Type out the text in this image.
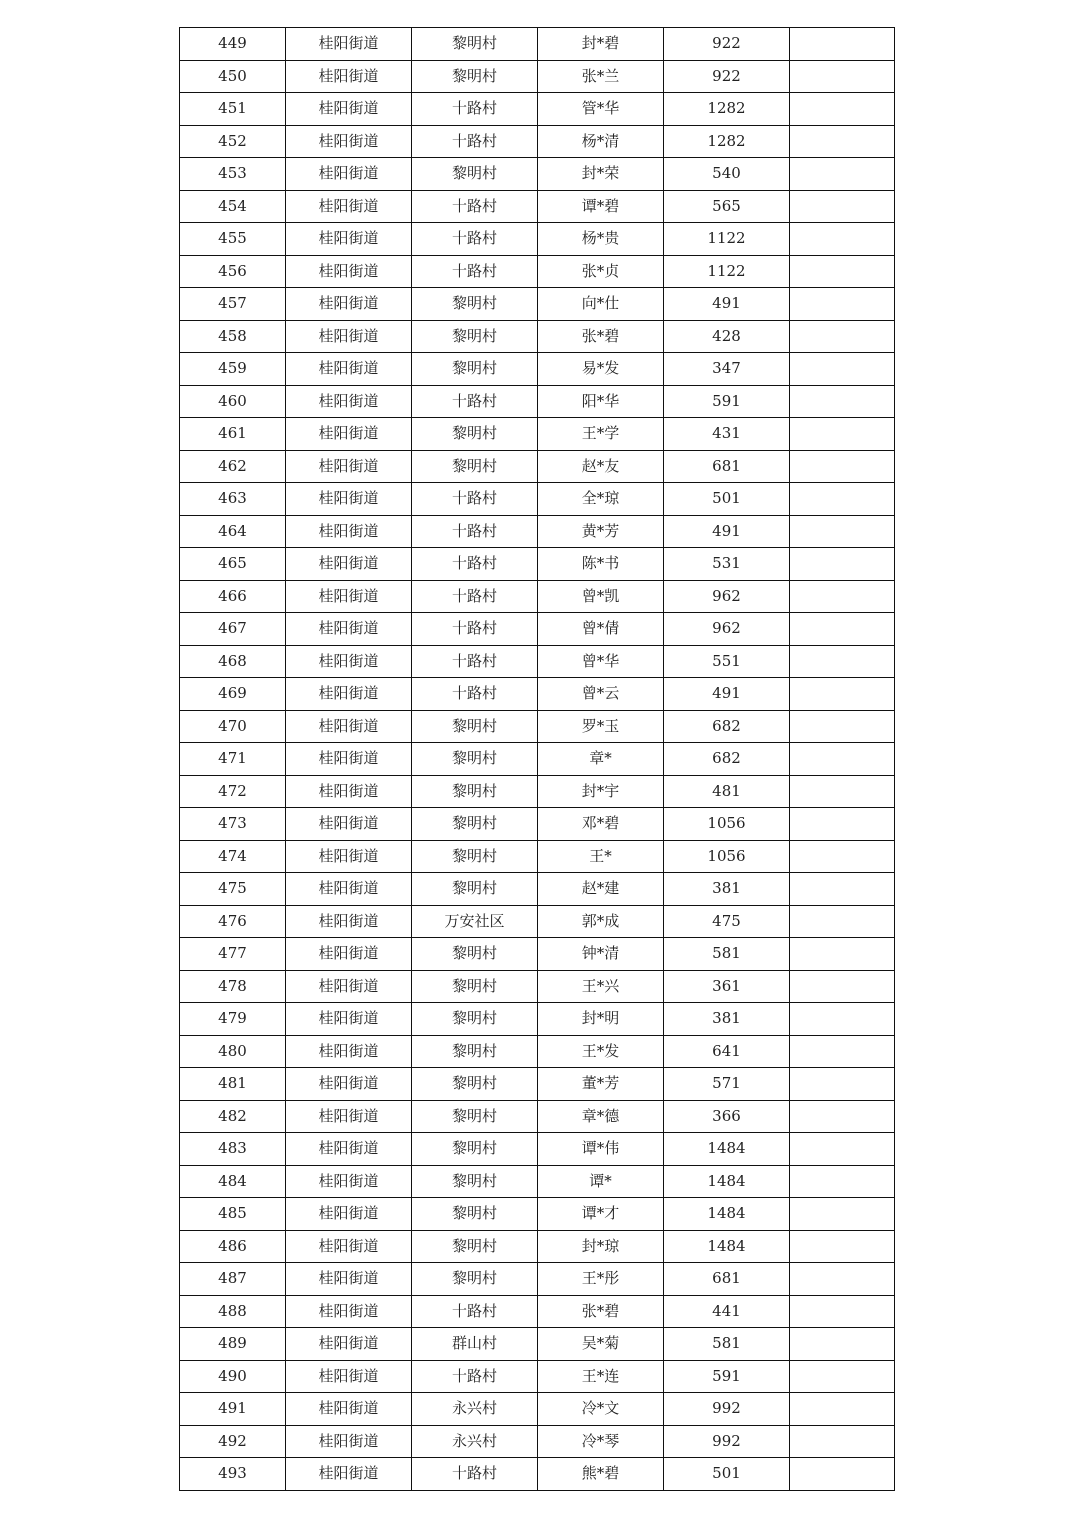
449	桂阳街道	黎明村	封*碧	922	
450	桂阳街道	黎明村	张*兰	922	
451	桂阳街道	十路村	管*华	1282	
452	桂阳街道	十路村	杨*清	1282	
453	桂阳街道	黎明村	封*荣	540	
454	桂阳街道	十路村	谭*碧	565	
455	桂阳街道	十路村	杨*贵	1122	
456	桂阳街道	十路村	张*贞	1122	
457	桂阳街道	黎明村	向*仕	491	
458	桂阳街道	黎明村	张*碧	428	
459	桂阳街道	黎明村	易*发	347	
460	桂阳街道	十路村	阳*华	591	
461	桂阳街道	黎明村	王*学	431	
462	桂阳街道	黎明村	赵*友	681	
463	桂阳街道	十路村	全*琼	501	
464	桂阳街道	十路村	黄*芳	491	
465	桂阳街道	十路村	陈*书	531	
466	桂阳街道	十路村	曾*凯	962	
467	桂阳街道	十路村	曾*倩	962	
468	桂阳街道	十路村	曾*华	551	
469	桂阳街道	十路村	曾*云	491	
470	桂阳街道	黎明村	罗*玉	682	
471	桂阳街道	黎明村	章*	682	
472	桂阳街道	黎明村	封*宇	481	
473	桂阳街道	黎明村	邓*碧	1056	
474	桂阳街道	黎明村	王*	1056	
475	桂阳街道	黎明村	赵*建	381	
476	桂阳街道	万安社区	郭*成	475	
477	桂阳街道	黎明村	钟*清	581	
478	桂阳街道	黎明村	王*兴	361	
479	桂阳街道	黎明村	封*明	381	
480	桂阳街道	黎明村	王*发	641	
481	桂阳街道	黎明村	董*芳	571	
482	桂阳街道	黎明村	章*德	366	
483	桂阳街道	黎明村	谭*伟	1484	
484	桂阳街道	黎明村	谭*	1484	
485	桂阳街道	黎明村	谭*才	1484	
486	桂阳街道	黎明村	封*琼	1484	
487	桂阳街道	黎明村	王*彤	681	
488	桂阳街道	十路村	张*碧	441	
489	桂阳街道	群山村	吴*菊	581	
490	桂阳街道	十路村	王*连	591	
491	桂阳街道	永兴村	冷*文	992	
492	桂阳街道	永兴村	冷*琴	992	
493	桂阳街道	十路村	熊*碧	501	
